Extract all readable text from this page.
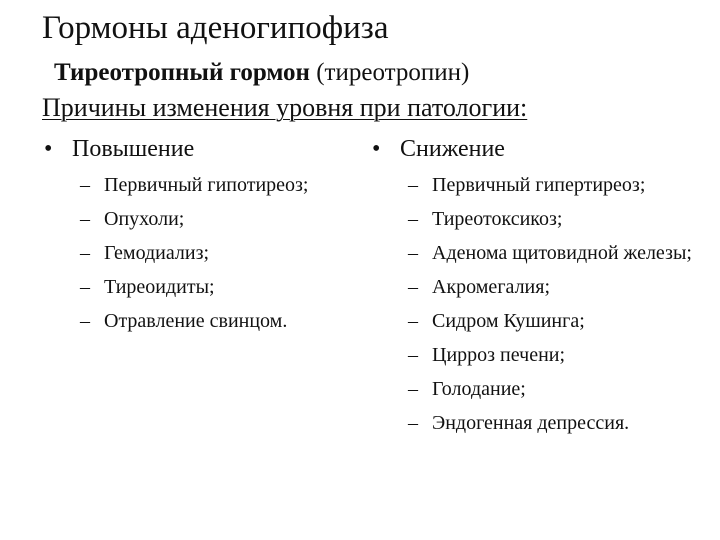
Гормоны аденогипофиза
Тиреотропный гормон (тиреотропин)
Причины изменения уровня при патологии:
• Повышение	• Снижение
– Первичный гипотиреоз;
– Опухоли;
– Гемодиализ;
– Тиреоидиты;
– Отравление свинцом.
– Первичный гипертиреоз;
– Тиреотоксикоз;
– Аденома щитовидной железы;
– Акромегалия;
– Сидром Кушинга;
– Цирроз печени;
– Голодание;
– Эндогенная депрессия.
